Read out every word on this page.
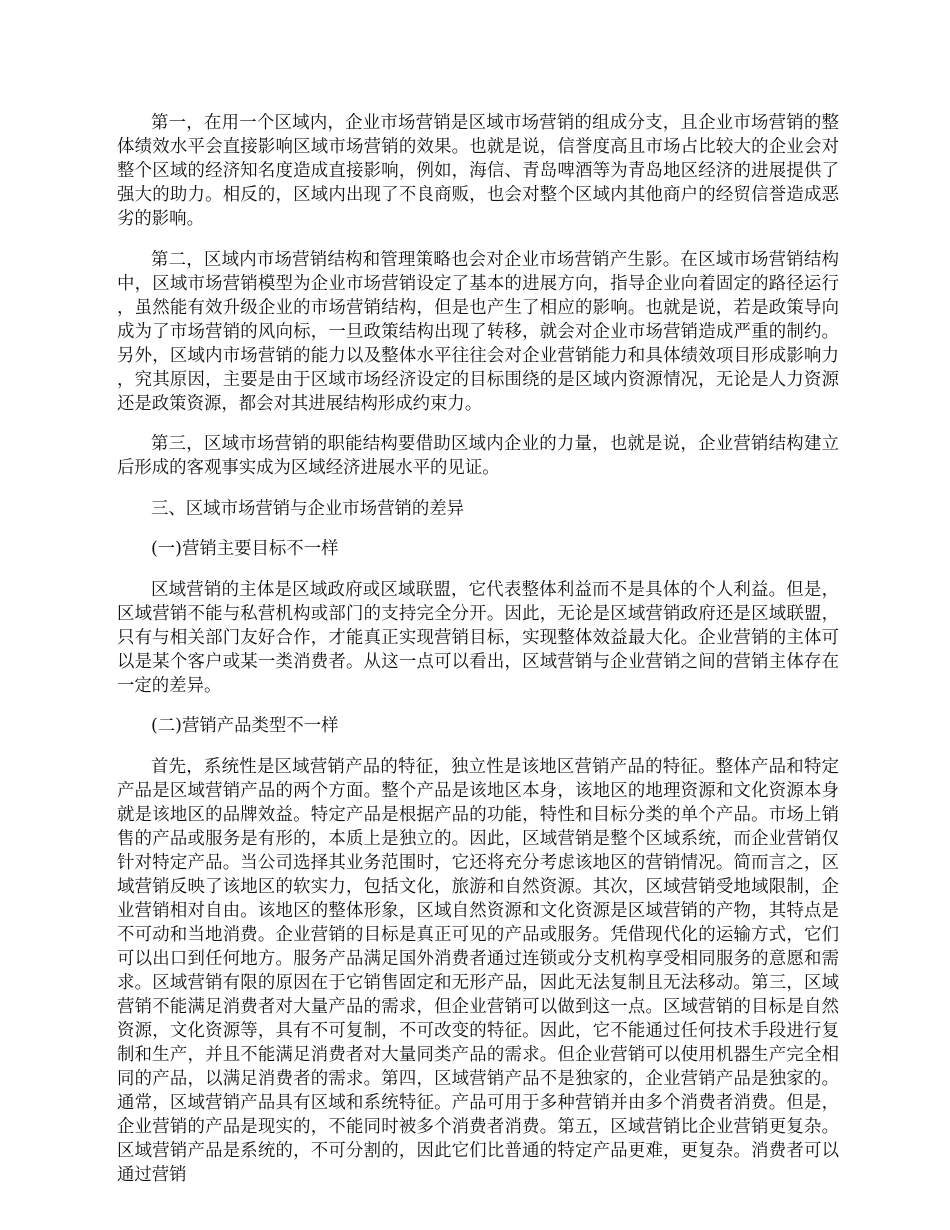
第一，在用一个区域内，企业市场营销是区域市场营销的组成分支，且企业市场营销的整体绩效水平会直接影响区域市场营销的效果。也就是说，信誉度高且市场占比较大的企业会对整个区域的经济知名度造成直接影响，例如，海信、青岛啤酒等为青岛地区经济的进展提供了强大的助力。相反的，区域内出现了不良商贩，也会对整个区域内其他商户的经贸信誉造成恶劣的影响。

第二，区域内市场营销结构和管理策略也会对企业市场营销产生影。在区域市场营销结构中，区域市场营销模型为企业市场营销设定了基本的进展方向，指导企业向着固定的路径运行，虽然能有效升级企业的市场营销结构，但是也产生了相应的影响。也就是说，若是政策导向成为了市场营销的风向标，一旦政策结构出现了转移，就会对企业市场营销造成严重的制约。另外，区域内市场营销的能力以及整体水平往往会对企业营销能力和具体绩效项目形成影响力，究其原因，主要是由于区域市场经济设定的目标围绕的是区域内资源情况，无论是人力资源还是政策资源，都会对其进展结构形成约束力。

第三，区域市场营销的职能结构要借助区域内企业的力量，也就是说，企业营销结构建立后形成的客观事实成为区域经济进展水平的见证。

三、区域市场营销与企业市场营销的差异

(一)营销主要目标不一样

区域营销的主体是区域政府或区域联盟，它代表整体利益而不是具体的个人利益。但是，区域营销不能与私营机构或部门的支持完全分开。因此，无论是区域营销政府还是区域联盟，只有与相关部门友好合作，才能真正实现营销目标，实现整体效益最大化。企业营销的主体可以是某个客户或某一类消费者。从这一点可以看出，区域营销与企业营销之间的营销主体存在一定的差异。

(二)营销产品类型不一样

首先，系统性是区域营销产品的特征，独立性是该地区营销产品的特征。整体产品和特定产品是区域营销产品的两个方面。整个产品是该地区本身，该地区的地理资源和文化资源本身就是该地区的品牌效益。特定产品是根据产品的功能，特性和目标分类的单个产品。市场上销售的产品或服务是有形的，本质上是独立的。因此，区域营销是整个区域系统，而企业营销仅针对特定产品。当公司选择其业务范围时，它还将充分考虑该地区的营销情况。简而言之，区域营销反映了该地区的软实力，包括文化，旅游和自然资源。其次，区域营销受地域限制，企业营销相对自由。该地区的整体形象，区域自然资源和文化资源是区域营销的产物，其特点是不可动和当地消费。企业营销的目标是真正可见的产品或服务。凭借现代化的运输方式，它们可以出口到任何地方。服务产品满足国外消费者通过连锁或分支机构享受相同服务的意愿和需求。区域营销有限的原因在于它销售固定和无形产品，因此无法复制且无法移动。第三，区域营销不能满足消费者对大量产品的需求，但企业营销可以做到这一点。区域营销的目标是自然资源，文化资源等，具有不可复制，不可改变的特征。因此，它不能通过任何技术手段进行复制和生产，并且不能满足消费者对大量同类产品的需求。但企业营销可以使用机器生产完全相同的产品，以满足消费者的需求。第四，区域营销产品不是独家的，企业营销产品是独家的。通常，区域营销产品具有区域和系统特征。产品可用于多种营销并由多个消费者消费。但是，企业营销的产品是现实的，不能同时被多个消费者消费。第五，区域营销比企业营销更复杂。区域营销产品是系统的，不可分割的，因此它们比普通的特定产品更难，更复杂。消费者可以通过营销
